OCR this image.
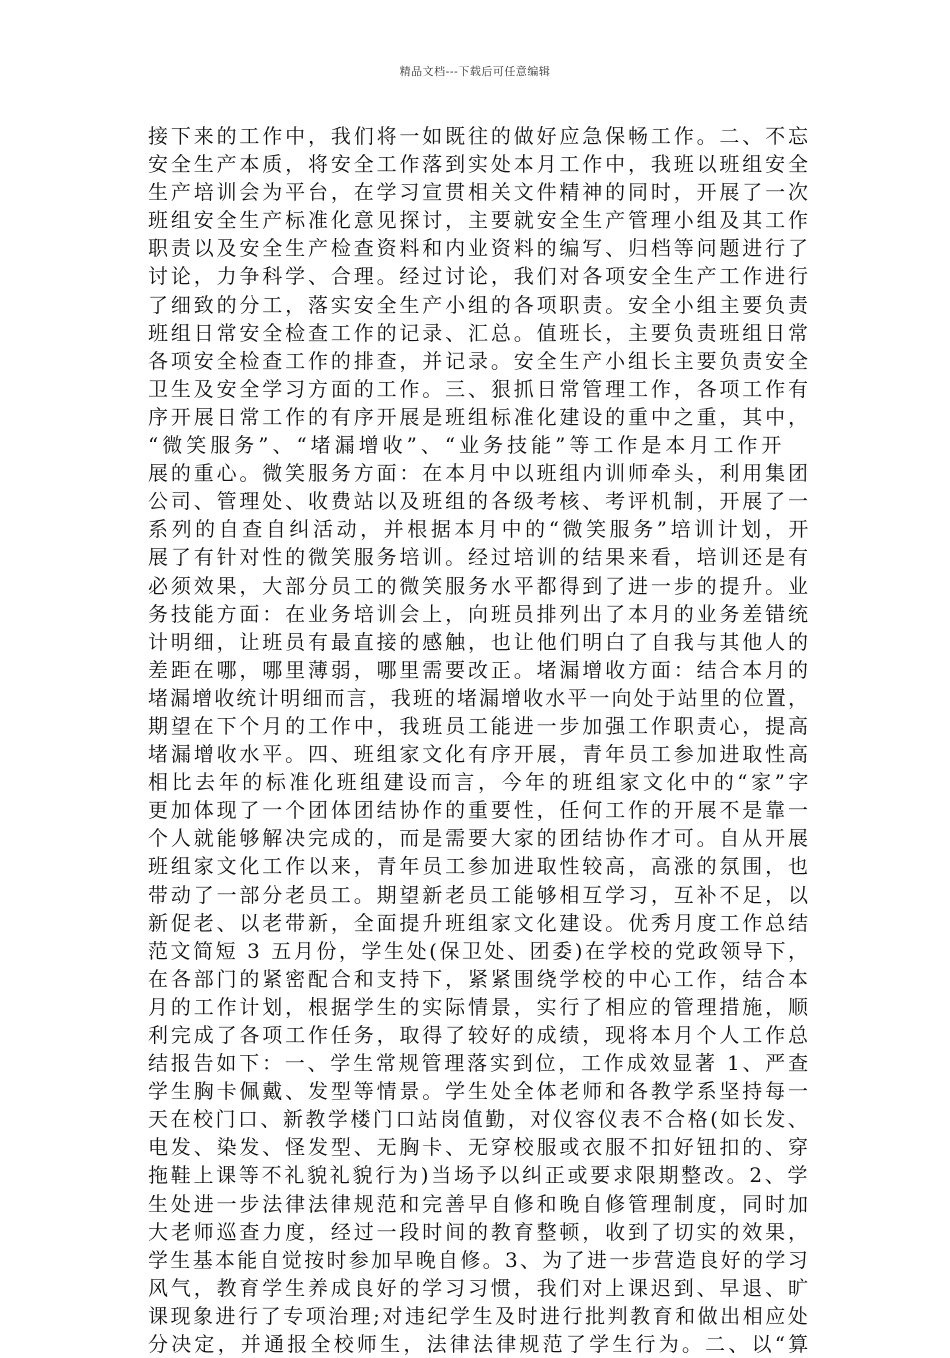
精品文档---下载后可任意编辑
接下来的工作中，我们将一如既往的做好应急保畅工作。二、不忘
安全生产本质，将安全工作落到实处本月工作中，我班以班组安全
生产培训会为平台，在学习宣贯相关文件精神的同时，开展了一次
班组安全生产标准化意见探讨，主要就安全生产管理小组及其工作
职责以及安全生产检查资料和内业资料的编写、归档等问题进行了
讨论，力争科学、合理。经过讨论，我们对各项安全生产工作进行
了细致的分工，落实安全生产小组的各项职责。安全小组主要负责
班组日常安全检查工作的记录、汇总。值班长，主要负责班组日常
各项安全检查工作的排查，并记录。安全生产小组长主要负责安全
卫生及安全学习方面的工作。三、狠抓日常管理工作，各项工作有
序开展日常工作的有序开展是班组标准化建设的重中之重，其中，
“微笑服务”、“堵漏增收”、“业务技能”等工作是本月工作开
展的重心。微笑服务方面：在本月中以班组内训师牵头，利用集团
公司、管理处、收费站以及班组的各级考核、考评机制，开展了一
系列的自查自纠活动，并根据本月中的“微笑服务”培训计划，开
展了有针对性的微笑服务培训。经过培训的结果来看，培训还是有
必须效果，大部分员工的微笑服务水平都得到了进一步的提升。业
务技能方面：在业务培训会上，向班员排列出了本月的业务差错统
计明细，让班员有最直接的感触，也让他们明白了自我与其他人的
差距在哪，哪里薄弱，哪里需要改正。堵漏增收方面：结合本月的
堵漏增收统计明细而言，我班的堵漏增收水平一向处于站里的位置，
期望在下个月的工作中，我班员工能进一步加强工作职责心，提高
堵漏增收水平。四、班组家文化有序开展，青年员工参加进取性高
相比去年的标准化班组建设而言，今年的班组家文化中的“家”字
更加体现了一个团体团结协作的重要性，任何工作的开展不是靠一
个人就能够解决完成的，而是需要大家的团结协作才可。自从开展
班组家文化工作以来，青年员工参加进取性较高，高涨的氛围，也
带动了一部分老员工。期望新老员工能够相互学习，互补不足，以
新促老、以老带新，全面提升班组家文化建设。优秀月度工作总结
范文简短 3 五月份，学生处(保卫处、团委)在学校的党政领导下，
在各部门的紧密配合和支持下，紧紧围绕学校的中心工作，结合本
月的工作计划，根据学生的实际情景，实行了相应的管理措施，顺
利完成了各项工作任务，取得了较好的成绩，现将本月个人工作总
结报告如下：一、学生常规管理落实到位，工作成效显著 1、严查
学生胸卡佩戴、发型等情景。学生处全体老师和各教学系坚持每一
天在校门口、新教学楼门口站岗值勤，对仪容仪表不合格(如长发、
电发、染发、怪发型、无胸卡、无穿校服或衣服不扣好钮扣的、穿
拖鞋上课等不礼貌礼貌行为)当场予以纠正或要求限期整改。2、学
生处进一步法律法律规范和完善早自修和晚自修管理制度，同时加
大老师巡查力度，经过一段时间的教育整顿，收到了切实的效果，
学生基本能自觉按时参加早晚自修。3、为了进一步营造良好的学习
风气，教育学生养成良好的学习习惯，我们对上课迟到、早退、旷
课现象进行了专项治理;对违纪学生及时进行批判教育和做出相应处
分决定，并通报全校师生，法律法律规范了学生行为。二、以“算
